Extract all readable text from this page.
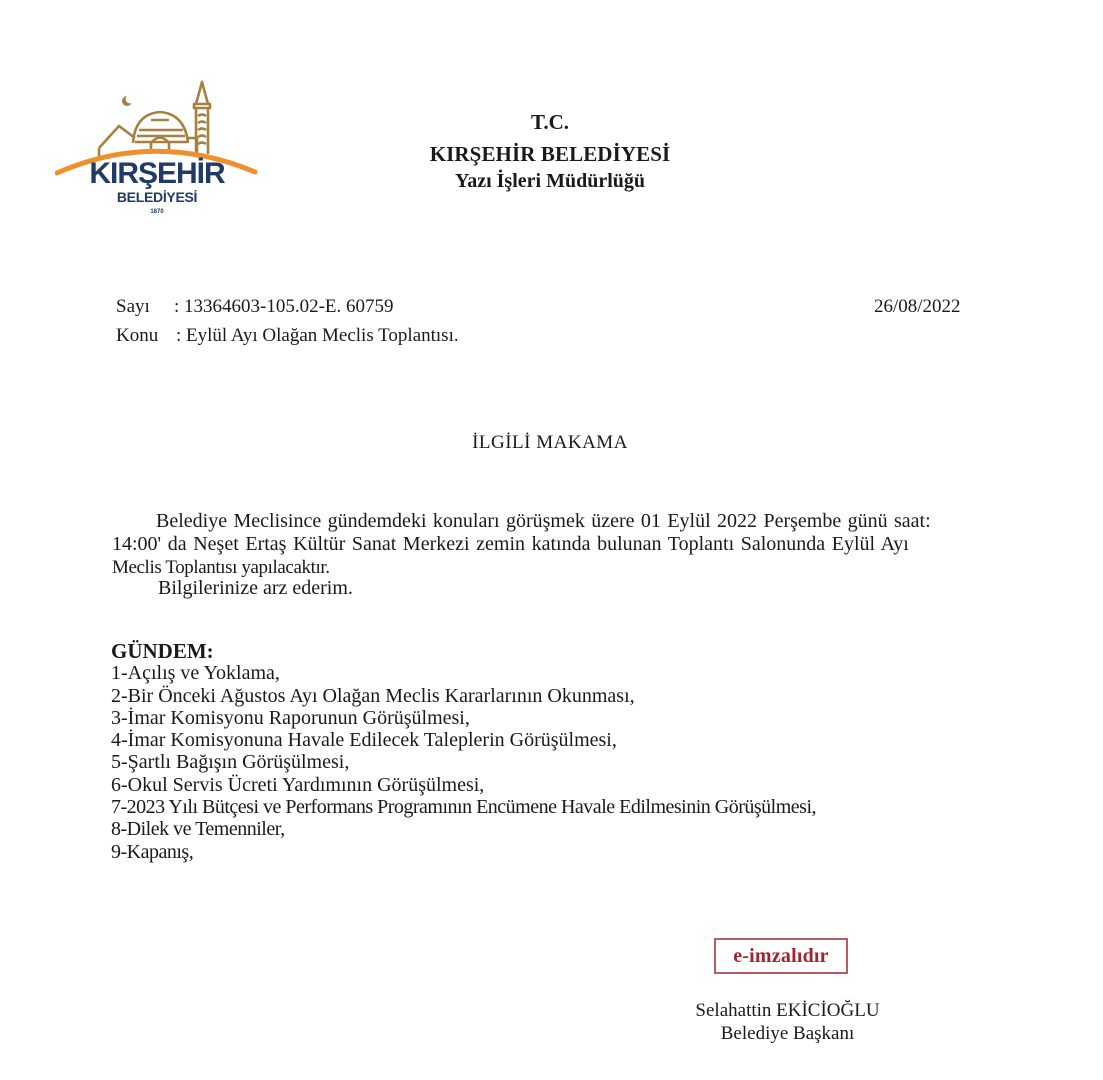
KIRŞEHİR
BELEDİYESİ
1870
T.C.
KIRŞEHİR BELEDİYESİ
Yazı İşleri Müdürlüğü
Sayı : 13364603-105.02-E. 60759
Konu : Eylül Ayı Olağan Meclis Toplantısı.
26/08/2022
İLGİLİ MAKAMA
Belediye Meclisince gündemdeki konuları görüşmek üzere 01 Eylül 2022 Perşembe günü saat:
14:00' da Neşet Ertaş Kültür Sanat Merkezi zemin katında bulunan Toplantı Salonunda Eylül Ayı
Meclis Toplantısı yapılacaktır.
Bilgilerinize arz ederim.
GÜNDEM:
1-Açılış ve Yoklama,
2-Bir Önceki Ağustos Ayı Olağan Meclis Kararlarının Okunması,
3-İmar Komisyonu Raporunun Görüşülmesi,
4-İmar Komisyonuna Havale Edilecek Taleplerin Görüşülmesi,
5-Şartlı Bağışın Görüşülmesi,
6-Okul Servis Ücreti Yardımının Görüşülmesi,
7-2023 Yılı Bütçesi ve Performans Programının Encümene Havale Edilmesinin Görüşülmesi,
8-Dilek ve Temenniler,
9-Kapanış,
e-imzalıdır
Selahattin EKİCİOĞLU
Belediye Başkanı
